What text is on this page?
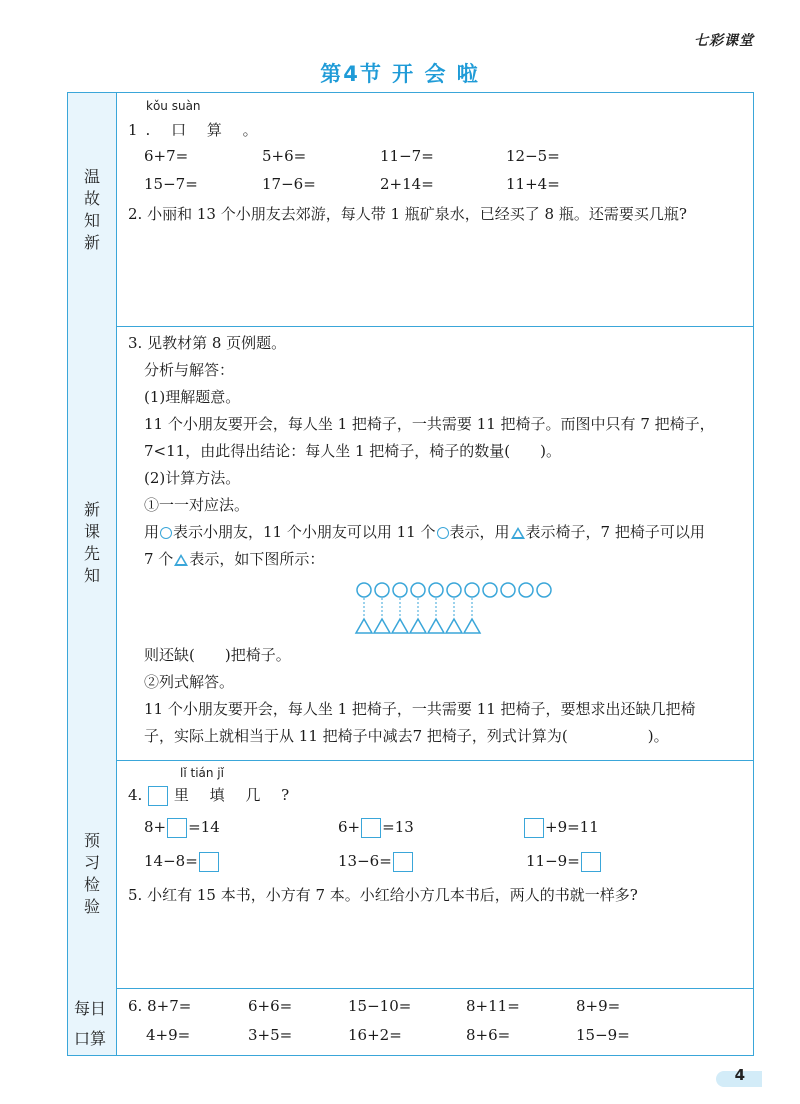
七彩课堂
第4节 开 会 啦
温故知新
kǒu suàn
1. 口 算 。
6+7=	5+6=	11−7=	12−5=
15−7=	17−6=	2+14=	11+4=
2. 小丽和 13 个小朋友去郊游，每人带 1 瓶矿泉水，已经买了 8 瓶。还需要买几瓶?
新课先知
3. 见教材第 8 页例题。
分析与解答：
(1)理解题意。
11 个小朋友要开会，每人坐 1 把椅子，一共需要 11 把椅子。而图中只有 7 把椅子，
7<11，由此得出结论：每人坐 1 把椅子，椅子的数量( )。
(2)计算方法。
①一一对应法。
用 表示小朋友，11 个小朋友可以用 11 个 表示，用 表示椅子，7 把椅子可以用
7 个 表示，如下图所示：
则还缺( )把椅子。
②列式解答。
11 个小朋友要开会，每人坐 1 把椅子，一共需要 11 把椅子，要想求出还缺几把椅
子，实际上就相当于从 11 把椅子中减去7 把椅子，列式计算为(	)。
预习检验
lǐ tián jǐ
4. 里 填 几 ?
8+ =14	6+ =13	+9=11
14−8=	13−6=	11−9=
5. 小红有 15 本书，小方有 7 本。小红给小方几本书后，两人的书就一样多?
每日
口算
6. 8+7=	6+6=	15−10=	8+11=	8+9=
4+9=	3+5=	16+2=	8+6=	15−9=
4
